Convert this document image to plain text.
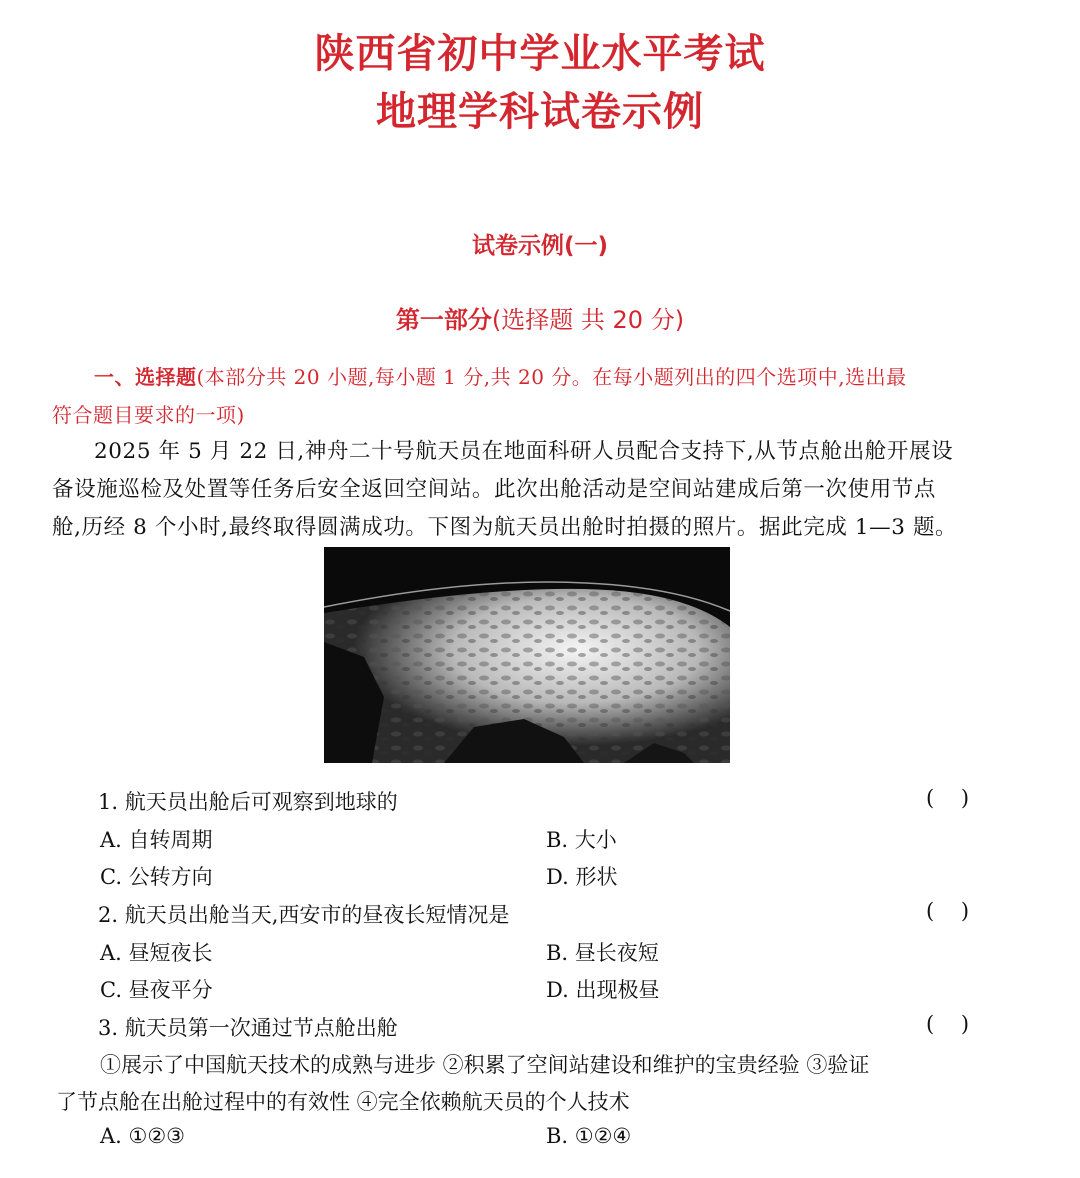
陕西省初中学业水平考试
地理学科试卷示例
试卷示例(一)
第一部分(选择题 共 20 分)
一、选择题(本部分共 20 小题,每小题 1 分,共 20 分。在每小题列出的四个选项中,选出最
符合题目要求的一项)
2025 年 5 月 22 日,神舟二十号航天员在地面科研人员配合支持下,从节点舱出舱开展设
备设施巡检及处置等任务后安全返回空间站。此次出舱活动是空间站建成后第一次使用节点
舱,历经 8 个小时,最终取得圆满成功。下图为航天员出舱时拍摄的照片。据此完成 1—3 题。
1. 航天员出舱后可观察到地球的	(    )
A. 自转周期	B. 大小
C. 公转方向	D. 形状
2. 航天员出舱当天,西安市的昼夜长短情况是	(    )
A. 昼短夜长	B. 昼长夜短
C. 昼夜平分	D. 出现极昼
3. 航天员第一次通过节点舱出舱	(    )
①展示了中国航天技术的成熟与进步 ②积累了空间站建设和维护的宝贵经验 ③验证
了节点舱在出舱过程中的有效性 ④完全依赖航天员的个人技术
A. ①②③	B. ①②④
